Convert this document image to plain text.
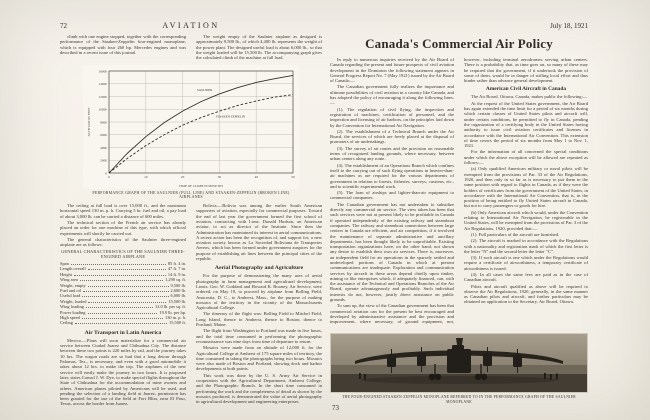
72	AVIATION	July 18, 1921

climb with one engine stopped, together with the corresponding performance of the Staaken-Zeppelin four-engined monoplane, which is equipped with four 260 hp. Mercedes engines and was described in a recent issue of this journal.

The weight empty of the Saulnier airplane as designed is approximately 9,500 lb., of which 4,400 lb. represents the weight of the power plant. The designed useful load is about 6,000 lb., so that the weight loaded will be 15,500 lb. The accompanying graph gives the calculated climb of the machine at full load.

0
2000
4000
6000
8000
10000
12000
14000
16000
0	10	20	30	40	50
SAULNIER
STAAKEN-ZEPPELIN
ALTITUDE IN FEET
TIME OF CLIMB IN MINUTES
PERFORMANCE GRAPH OF THE SAULNIER (FULL LINE) AND STAAKEN-ZEPPELIN (BROKEN LINE) AIRPLANES

The ceiling at full load is over 15,000 ft., and the maximum horizontal speed 130 m. p. h. Carrying 5 hr. fuel and oil, a pay load of about 3,000 lb. can be carried a distance of 600 miles.

The technical section of the French air service has already placed an order for one machine of this type, with which official experiments will shortly be carried out.

The general characteristics of the Saulnier three-engined airplane are as follows:

GENERAL CHARACTERISTICS OF THE SAULNIER THREE-ENGINED AIRPLANE
Span	85 ft. 4 in.
Length overall	47 ft. 7 in.
Height	14 ft. 9 in.
Wing area	1,290 sq. ft.
Weight, empty	9,500 lb.
Fuel and oil	2,600 lb.
Useful load	6,000 lb.
Weight, loaded	15,500 lb.
Wing loading	12.0 lb. per sq. ft.
Power loading	19.9 lb. per hp.
High speed	130 m. p. h.
Ceiling	15,500 ft.
Air Transport in Latin America

Mexico.—Plans will soon materialize for a commercial air service between Ciudad Juarez and Chihuahua City. The distance between these two points is 220 miles by rail, and the journey takes 10 hrs. The wagon roads are so bad that a long detour through Palomas, Tex., is necessary, and even with a good automobile it takes about 12 hrs. to make the trip. The airplanes of the new service will easily make the journey in two hours. It is proposed later, states Consul J. W. Dye, to make special flights throughout the State of Chihuahua for the accommodation of mine owners and others. American planes piloted by Americans will be used, and pending the selection of a landing field at Juarez, permission has been granted for the use of the field at Fort Bliss, near El Paso, Texas, across the border from Juarez.

Bolivia.—Bolivia was among the earlier South American supporters of aviation, especially for commercial purposes. Toward the end of last year the government formed the first school of aviation, contracting with Lieut. Donald Hudson, an American aviator, to act as director of the Institute. Since then the Administration has maintained its interest in aerial communications. A recent action has been the recognition of, and support for, a new aviation society known as La Sociedad Boliviana de Transportes Aereos, which has been formed under government auspices for the purpose of establishing air lines between the principal cities of the republic.

Aerial Photography and Agriculture

For the purpose of demonstrating the many uses of aerial photography in farm management and agricultural development, Lieuts. Geo. W. Goddard and Howard K. Rooney, Air Service, were ordered, on May 19, to proceed by airplane from Bolling Field, Anacostia, D. C., to Amherst, Mass., for the purpose of making mosaics of the territory in the vicinity of the Massachusetts Agricultural College.

The itinerary of the flight was: Bolling Field to Mitchel Field, Long Island, thence to Amherst, thence to Boston, thence to Portland, Maine.

The flight from Washington to Portland was made in five hours, and the total time consumed in performing the photographic reconnaissance was nine days from time of departure to return.

Mosaics were made from an altitude of 12,000 ft. for the Agricultural College at Amherst of 175 square miles of territory, the time consumed in taking the photographs being two hours. Mosaics were also made of Boston and Portland, showing dock and harbor developments at both points.

This work was done by the U. S. Army Air Service in cooperation with the Agricultural Department, Amherst College, and the Photographic Branch. In the short time consumed in performing the work and the completeness of detail as shown by the mosaics produced, is demonstrated the value of aerial photography in agricultural development and engineering enterprises.

Canada's Commercial Air Policy

In reply to numerous inquiries received by the Air Board of Canada regarding the present and future prospects of civil aviation development in the Dominion the following statement appears in General Progress Report No. 7 (May 1921) issued by the Air Board of Canada:—

The Canadian government fully realizes the importance and ultimate possibilities of civil aviation in a country like Canada, and has adopted the policy of encouraging it along the following lines:—

(1). The regulation of civil flying, the inspection and registration of machines, certification of personnel, and the inspection and licensing of air harbors, on the principles laid down by the Convention for International Air Navigation.

(2). The establishment of a Technical Branch under the Air Board, the services of which are freely placed at the disposal of promoters of air undertakings.

(3). The survey of air routes and the provision on reasonable terms of recognized landing grounds, where necessary, between urban centers along any route.

(4). The establishment of an Operations Branch which confines itself to the carrying out of such flying operations in heavier-than-air machines as are required for the various departments of government in relation to forests, fisheries, surveys, customs, etc., and to scientific experimental work.

(5). The loan of airships and lighter-than-air equipment to commercial companies.

The Canadian government has not undertaken to subsidize directly any commercial air service. The view taken has been that such services were not at present likely to be profitable in Canada if operated independently of the existing railway and steamboat companies. The railway and steamboat connections between large centers in Canada are efficient, and air competition, if it involved the maintenance of separate administrative and ancillary departments, has been thought likely to be unprofitable. Existing transportation organizations have, on the other hand, not shown any desire to establish their own air services. There is, moreover, an independent field for air operations in the sparsely settled and undeveloped portions of Canada in which at present communications are inadequate. Exploration and communication services by aircraft in these areas depend chiefly upon timber, mining or like enterprises which, if adequately financed, can, with the assistance of the Technical and Operations Branches of the Air Board, operate advantageously and profitably. Such individual interests do not, however, justify direct assistance on public grounds.

To sum up, the view of the Canadian government has been that commercial aviation can for the present be best encouraged and developed by administrative assistance and the provision and improvement, where necessary, of ground equipment, not, however, including terminal aerodromes serving urban centers. There is a probability that, as time goes on, so many of these may be required that the government, if it undertook the provision of some of them, would be in danger of stifling local effort and thus hinder rather than advance general development.

American Civil Aircraft in Canada

The Air Board, Ottawa, Canada, makes public the following:—

At the request of the United States government, the Air Board has again extended the time limit for a period of six months during which certain classes of United States pilots and aircraft will, under certain conditions, be permitted to fly in Canada, pending the organization of a certifying body in the United States having authority to issue civil aviation certificates and licenses in accordance with the International Air Convention. This extension of time covers the period of six months from May 1 to Nov. 1, 1921.

For the information of all concerned the special conditions under which the above exception will be allowed are repeated as follows:—

(a) Only qualified American military or naval pilots will be exempted from the provisions of Par. 33 of the Air Regulations, 1920, and then only in so far as is necessary to put them in the same position with regard to flights in Canada, as if they were the holders of certificates from the government of the United States, in accordance with the International Air Convention, that is, in the position of being entitled to fly United States aircraft in Canada, but not to carry passengers or goods for hire.

(b) Only American aircraft which would, under the Convention relating to International Air Navigation, be registerable in the United States, will be exempted from the provisions of Par. 3 of the Air Regulations, 1920, provided that:—

(1). Full particulars of the aircraft are furnished.

(2). The aircraft is marked in accordance with the Regulations with a nationality and registration mark of which the first letter is the letter "N" and the second letter the letter "C".

(3). If such aircraft is one which under the Regulations would require a certificate of airworthiness, a temporary certificate of airworthiness is issued.

(4). In all cases the same fees are paid as in the case of Canadian aircraft.

Pilots and aircraft qualified as above will be required to observe the Air Regulations, 1920, generally, in the same manner as Canadian pilots and aircraft, and further particulars may be obtained on application to the Secretary, Air Board, Ottawa.

THE FOUR-ENGINED STAAKEN-ZEPPELIN MONOPLANE REFERRED TO IN THE PERFORMANCE GRAPH OF THE SAULNIER MONOPLANE
73
